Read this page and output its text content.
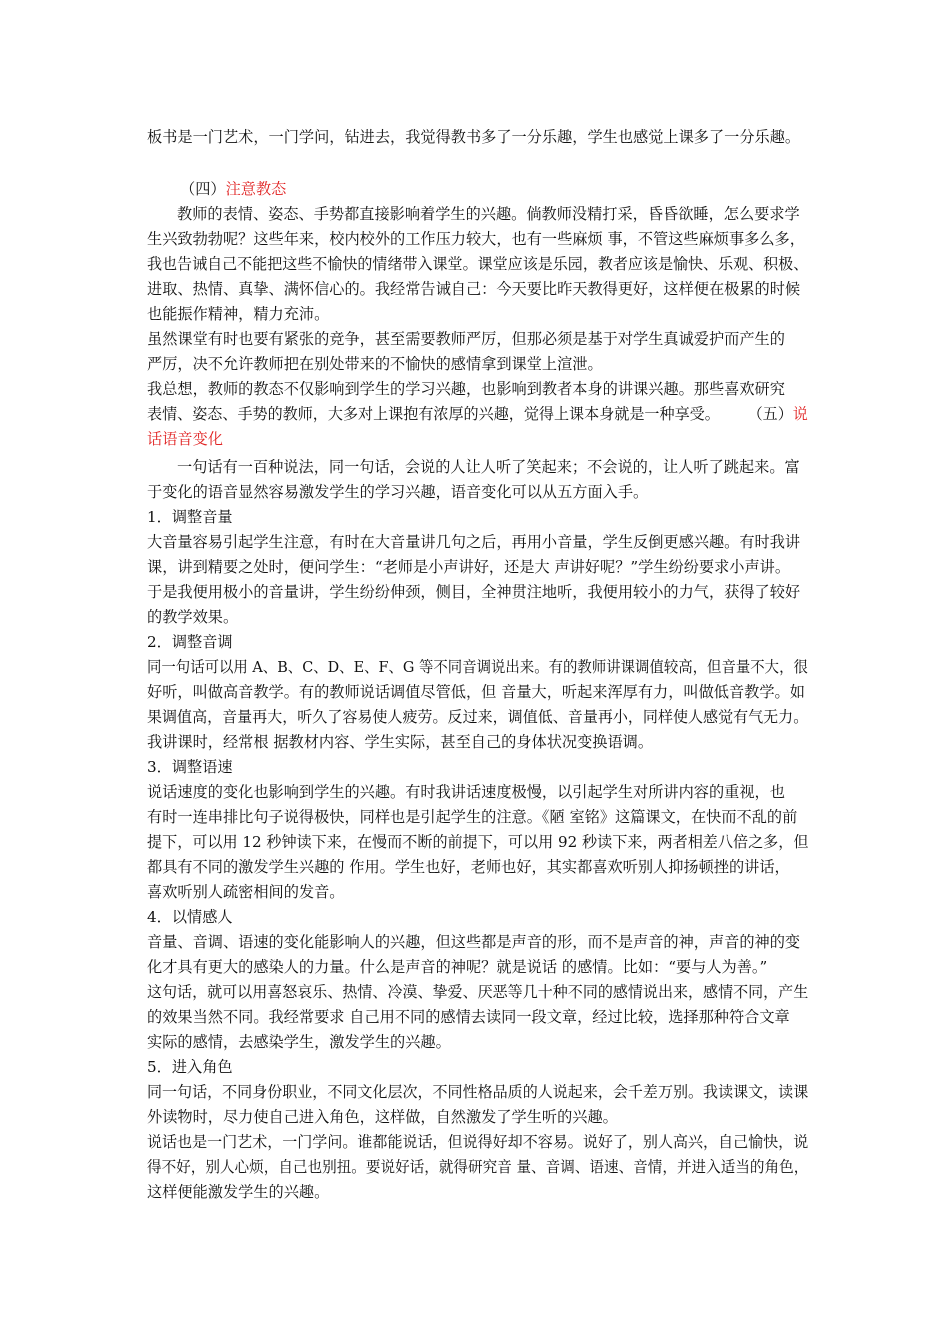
板书是一门艺术，一门学问，钻进去，我觉得教书多了一分乐趣，学生也感觉上课多了一分乐趣。
（四）注意教态
教师的表情、姿态、手势都直接影响着学生的兴趣。倘教师没精打采，昏昏欲睡，怎么要求学
生兴致勃勃呢？这些年来，校内校外的工作压力较大，也有一些麻烦 事，不管这些麻烦事多么多，
我也告诫自己不能把这些不愉快的情绪带入课堂。课堂应该是乐园，教者应该是愉快、乐观、积极、
进取、热情、真挚、满怀信心的。我经常告诫自己：今天要比昨天教得更好，这样便在极累的时候
也能振作精神，精力充沛。
虽然课堂有时也要有紧张的竞争，甚至需要教师严厉，但那必须是基于对学生真诚爱护而产生的
严厉，决不允许教师把在别处带来的不愉快的感情拿到课堂上渲泄。
我总想，教师的教态不仅影响到学生的学习兴趣，也影响到教者本身的讲课兴趣。那些喜欢研究
表情、姿态、手势的教师，大多对上课抱有浓厚的兴趣，觉得上课本身就是一种享受。 （五）说
话语音变化
一句话有一百种说法，同一句话，会说的人让人听了笑起来；不会说的，让人听了跳起来。富
于变化的语音显然容易激发学生的学习兴趣，语音变化可以从五方面入手。
1．调整音量
大音量容易引起学生注意，有时在大音量讲几句之后，再用小音量，学生反倒更感兴趣。有时我讲
课，讲到精要之处时，便问学生：“老师是小声讲好，还是大 声讲好呢？”学生纷纷要求小声讲。
于是我便用极小的音量讲，学生纷纷伸颈，侧目，全神贯注地听，我便用较小的力气，获得了较好
的教学效果。
2．调整音调
同一句话可以用 A、B、C、D、E、F、G 等不同音调说出来。有的教师讲课调值较高，但音量不大，很
好听，叫做高音教学。有的教师说话调值尽管低，但 音量大，听起来浑厚有力，叫做低音教学。如
果调值高，音量再大，听久了容易使人疲劳。反过来，调值低、音量再小，同样使人感觉有气无力。
我讲课时，经常根 据教材内容、学生实际，甚至自己的身体状况变换语调。
3．调整语速
说话速度的变化也影响到学生的兴趣。有时我讲话速度极慢，以引起学生对所讲内容的重视，也
有时一连串排比句子说得极快，同样也是引起学生的注意。《陋 室铭》这篇课文，在快而不乱的前
提下，可以用 12 秒钟读下来，在慢而不断的前提下，可以用 92 秒读下来，两者相差八倍之多，但
都具有不同的激发学生兴趣的 作用。学生也好，老师也好，其实都喜欢听别人抑扬顿挫的讲话，
喜欢听别人疏密相间的发音。
4．以情感人
音量、音调、语速的变化能影响人的兴趣，但这些都是声音的形，而不是声音的神，声音的神的变
化才具有更大的感染人的力量。什么是声音的神呢？就是说话 的感情。比如：“要与人为善。”
这句话，就可以用喜怒哀乐、热情、冷漠、挚爱、厌恶等几十种不同的感情说出来，感情不同，产生
的效果当然不同。我经常要求 自己用不同的感情去读同一段文章，经过比较，选择那种符合文章
实际的感情，去感染学生，激发学生的兴趣。
5．进入角色
同一句话，不同身份职业，不同文化层次，不同性格品质的人说起来，会千差万别。我读课文，读课
外读物时，尽力使自己进入角色，这样做，自然激发了学生听的兴趣。
说话也是一门艺术，一门学问。谁都能说话，但说得好却不容易。说好了，别人高兴，自己愉快，说
得不好，别人心烦，自己也别扭。要说好话，就得研究音 量、音调、语速、音情，并进入适当的角色，
这样便能激发学生的兴趣。
